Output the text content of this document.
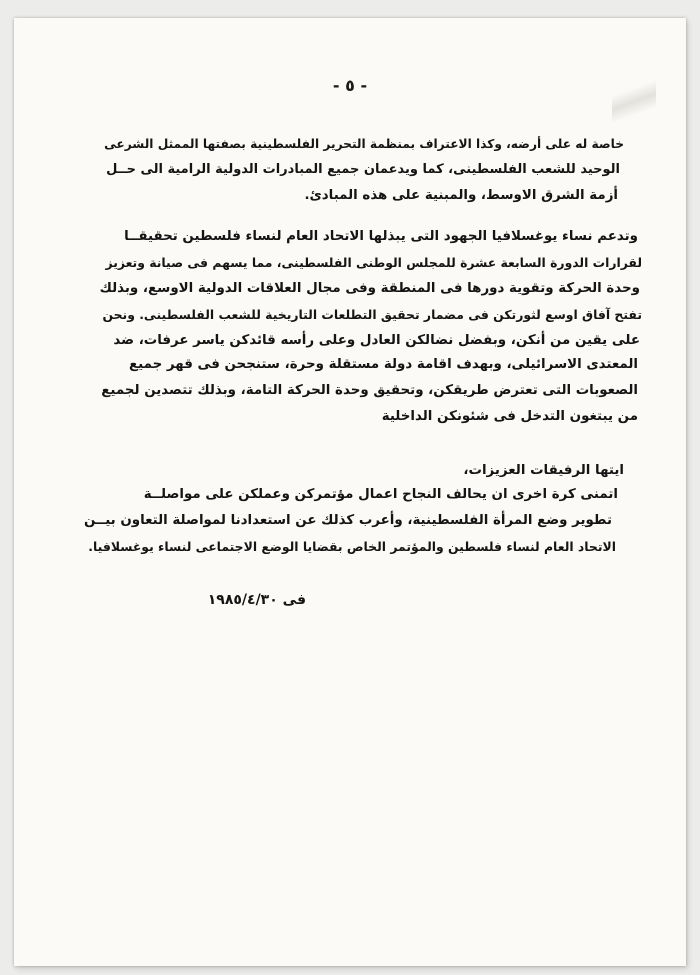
- ٥ -
خاصة له على أرضه، وكذا الاعتراف بمنظمة التحرير الفلسطينية بصفتها الممثل الشرعى
الوحيد للشعب الفلسطينى، كما ويدعمان جميع المبادرات الدولية الرامية الى حــل
أزمة الشرق الاوسط، والمبنية على هذه المبادئ.
وتدعم نساء يوغسلافيا الجهود التى يبذلها الاتحاد العام لنساء فلسطين تحقيقــا
لقرارات الدورة السابعة عشرة للمجلس الوطنى الفلسطينى، مما يسهم فى صيانة وتعزيز
وحدة الحركة وتقوية دورها فى المنطقة وفى مجال العلاقات الدولية الاوسع، وبذلك
تفتح آفاق اوسع لثورتكن فى مضمار تحقيق التطلعات التاريخية للشعب الفلسطينى. ونحن
على يقين من أنكن، وبفضل نضالكن العادل وعلى رأسه قائدكن ياسر عرفات، ضد
المعتدى الاسرائيلى، وبهدف اقامة دولة مستقلة وحرة، ستنجحن فى قهر جميع
الصعوبات التى تعترض طريقكن، وتحقيق وحدة الحركة التامة، وبذلك تتصدين لجميع
من يبتغون التدخل فى شئونكن الداخلية
ايتها الرفيقات العزيزات،
اتمنى كرة اخرى ان يحالف النجاح اعمال مؤتمركن وعملكن على مواصلــة
تطوير وضع المرأة الفلسطينية، وأعرب كذلك عن استعدادنا لمواصلة التعاون بيــن
الاتحاد العام لنساء فلسطين والمؤتمر الخاص بقضايا الوضع الاجتماعى لنساء يوغسلافيا.
فى ١٩٨٥/٤/٣٠
